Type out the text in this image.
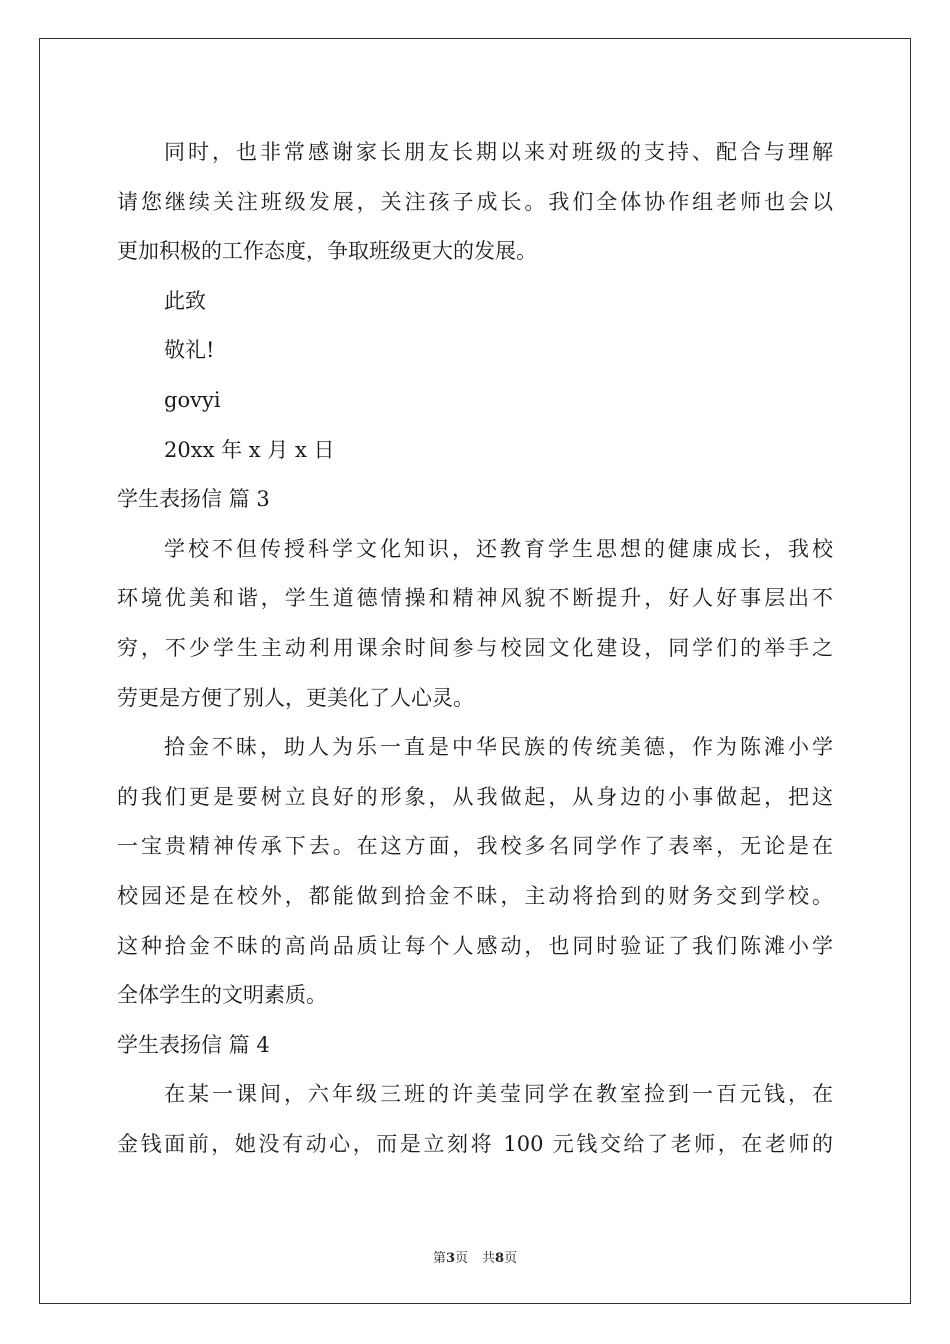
同时，也非常感谢家长朋友长期以来对班级的支持、配合与理解
请您继续关注班级发展，关注孩子成长。我们全体协作组老师也会以
更加积极的工作态度，争取班级更大的发展。
此致
敬礼!
govyi
20xx 年 x 月 x 日
学生表扬信 篇 3
学校不但传授科学文化知识，还教育学生思想的健康成长，我校
环境优美和谐，学生道德情操和精神风貌不断提升，好人好事层出不
穷，不少学生主动利用课余时间参与校园文化建设，同学们的举手之
劳更是方便了别人，更美化了人心灵。
拾金不昧，助人为乐一直是中华民族的传统美德，作为陈滩小学
的我们更是要树立良好的形象，从我做起，从身边的小事做起，把这
一宝贵精神传承下去。在这方面，我校多名同学作了表率，无论是在
校园还是在校外，都能做到拾金不昧，主动将拾到的财务交到学校。
这种拾金不昧的高尚品质让每个人感动，也同时验证了我们陈滩小学
全体学生的文明素质。
学生表扬信 篇 4
在某一课间，六年级三班的许美莹同学在教室捡到一百元钱，在
金钱面前，她没有动心，而是立刻将 100 元钱交给了老师，在老师的
第3页 共8页
